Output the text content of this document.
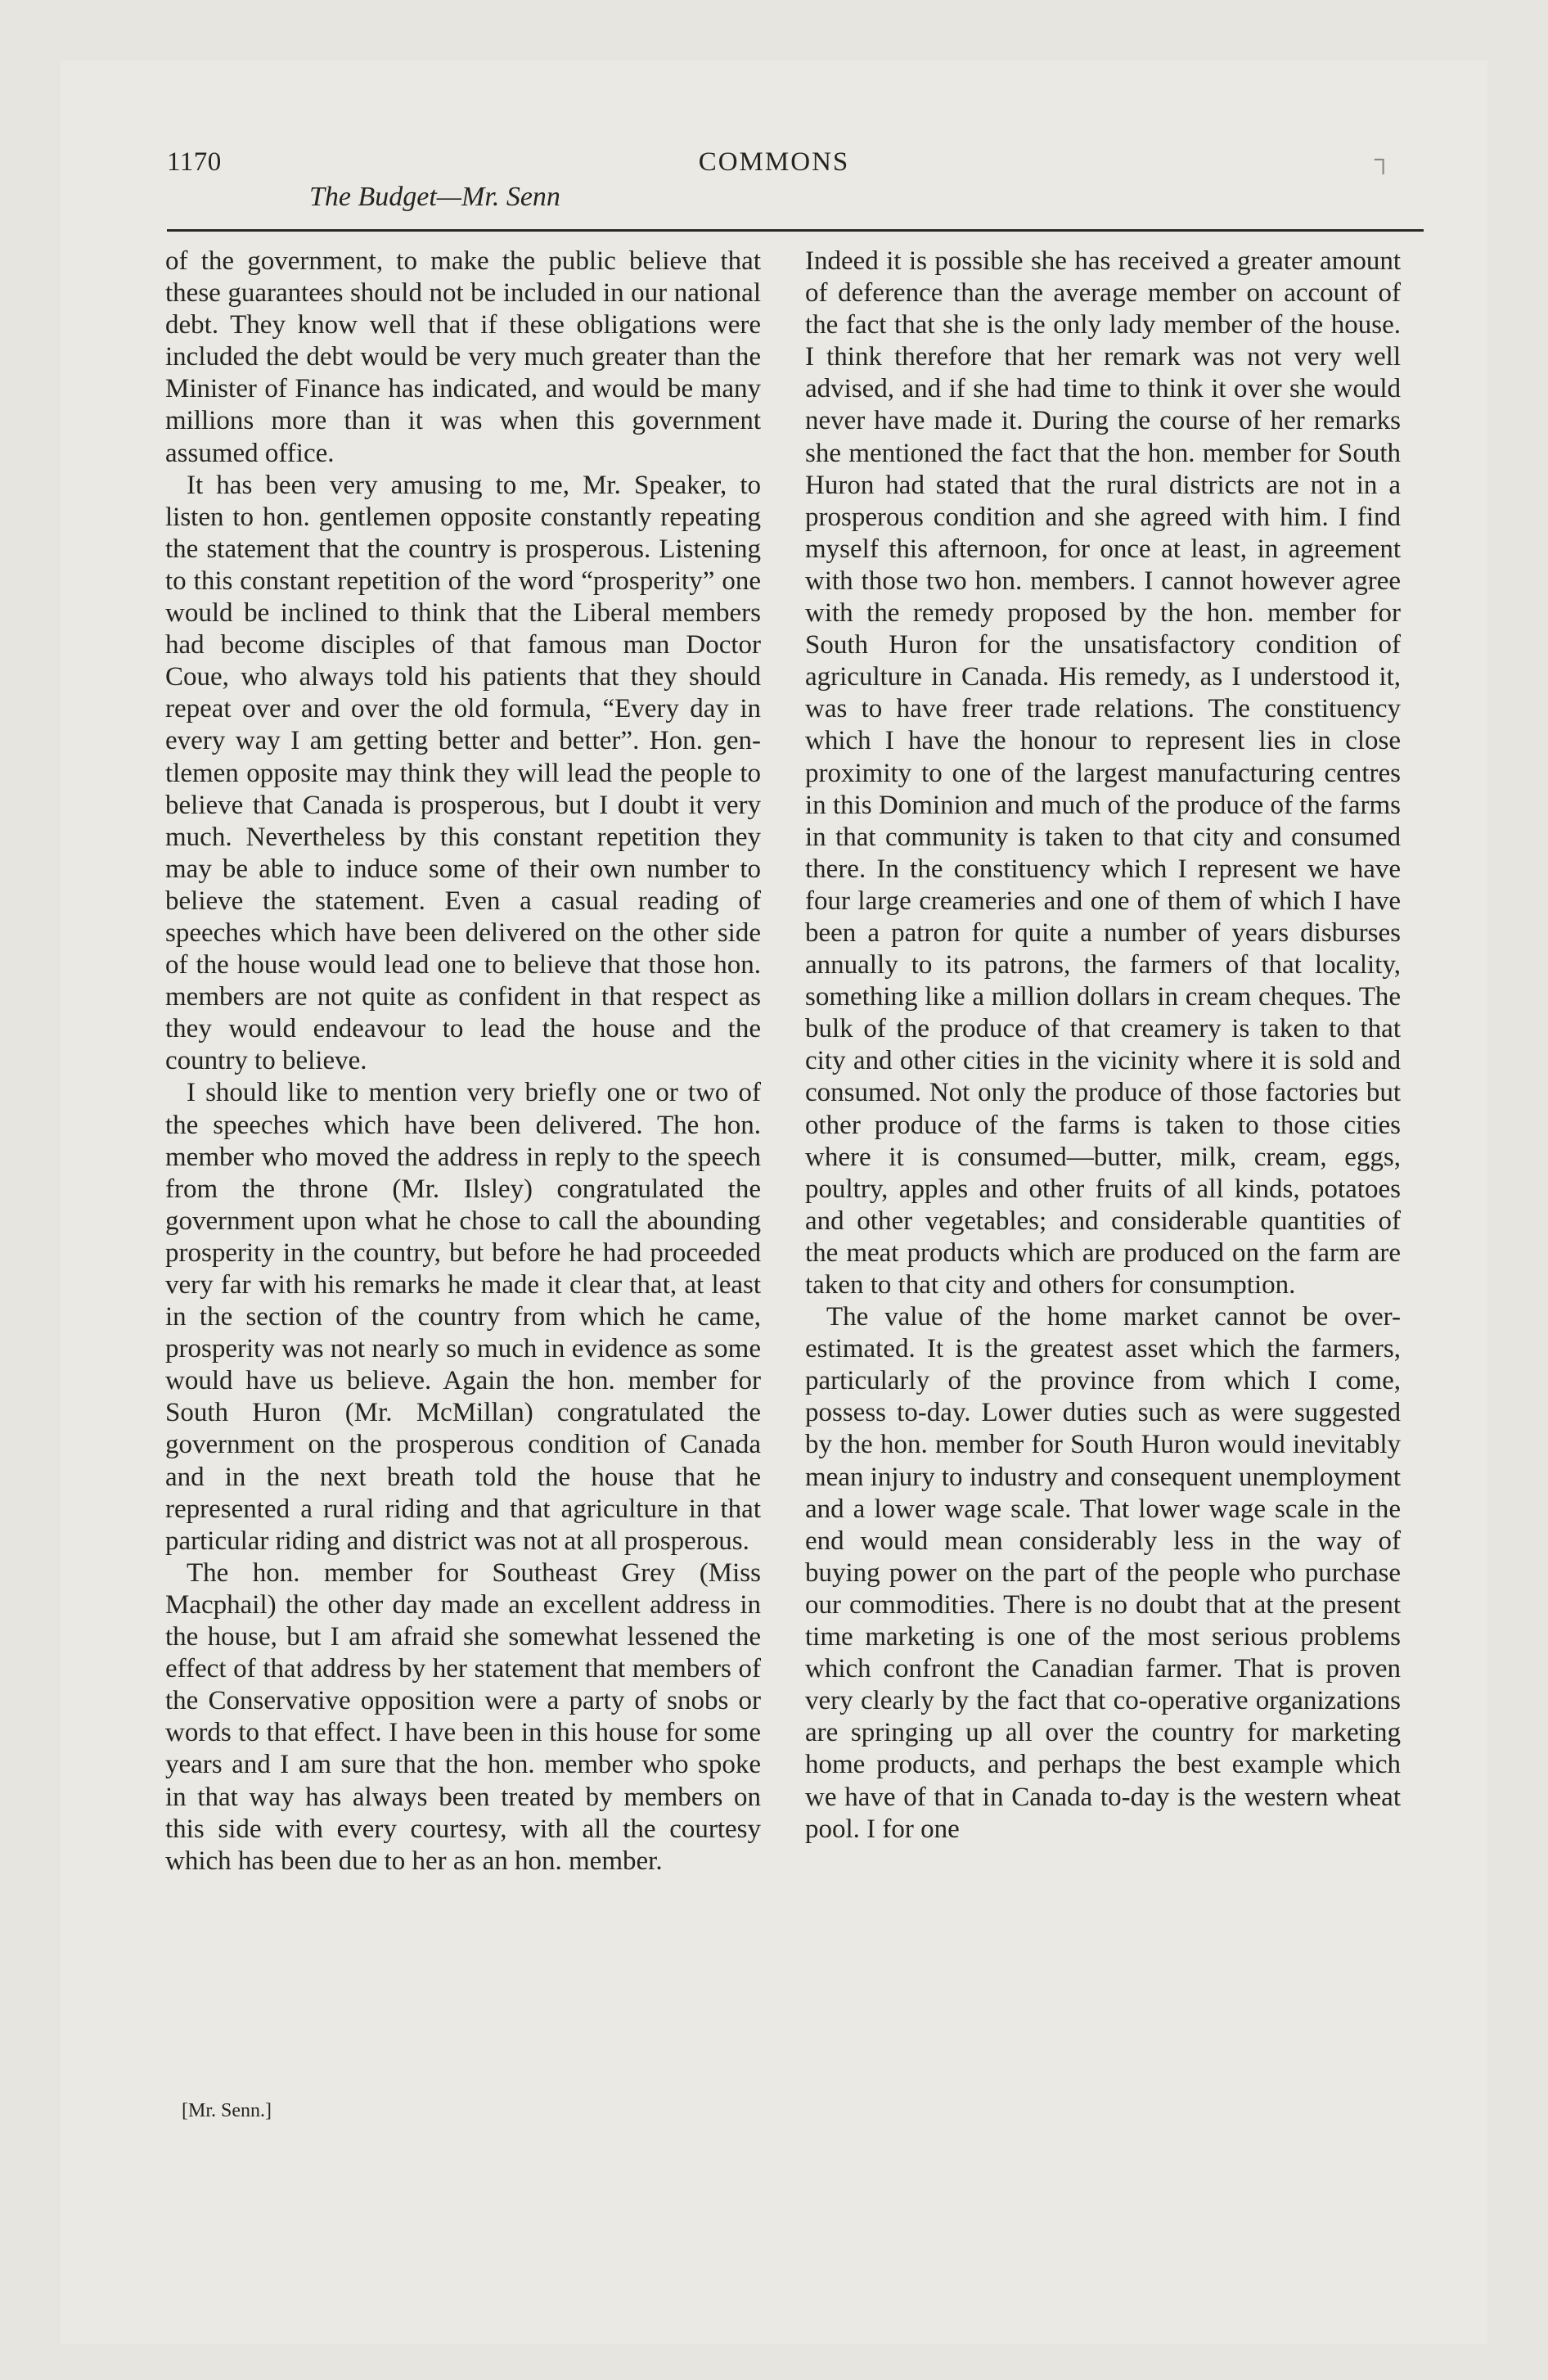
1170	COMMONS
The Budget—Mr. Senn
┐

of the government, to make the public believe that these guarantees should not be included in our national debt. They know well that if these obligations were included the debt would be very much greater than the Minister of Finance has indicated, and would be many millions more than it was when this government assumed office.

It has been very amusing to me, Mr. Speaker, to listen to hon. gentlemen opposite constantly repeating the statement that the country is prosperous. Listening to this constant repetition of the word “prosperity” one would be inclined to think that the Liberal members had become disciples of that famous man Doctor Coue, who always told his patients that they should repeat over and over the old formula, “Every day in every way I am getting better and better”. Hon. gentlemen opposite may think they will lead the people to believe that Canada is prosperous, but I doubt it very much. Nevertheless by this constant repetition they may be able to induce some of their own number to believe the statement. Even a casual reading of speeches which have been delivered on the other side of the house would lead one to believe that those hon. members are not quite as confident in that respect as they would endeavour to lead the house and the country to believe.

I should like to mention very briefly one or two of the speeches which have been delivered. The hon. member who moved the address in reply to the speech from the throne (Mr. Ilsley) congratulated the government upon what he chose to call the abounding prosperity in the country, but before he had proceeded very far with his remarks he made it clear that, at least in the section of the country from which he came, prosperity was not nearly so much in evidence as some would have us believe. Again the hon. member for South Huron (Mr. McMillan) congratulated the government on the prosperous condition of Canada and in the next breath told the house that he represented a rural riding and that agriculture in that particular riding and district was not at all prosperous.

The hon. member for Southeast Grey (Miss Macphail) the other day made an excellent address in the house, but I am afraid she somewhat lessened the effect of that address by her statement that members of the Conservative opposition were a party of snobs or words to that effect. I have been in this house for some years and I am sure that the hon. member who spoke in that way has always been treated by members on this side with every courtesy, with all the courtesy which has been due to her as an hon. member.

Indeed it is possible she has received a greater amount of deference than the average member on account of the fact that she is the only lady member of the house. I think therefore that her remark was not very well advised, and if she had time to think it over she would never have made it. During the course of her remarks she mentioned the fact that the hon. member for South Huron had stated that the rural districts are not in a prosperous condition and she agreed with him. I find myself this afternoon, for once at least, in agreement with those two hon. members. I cannot however agree with the remedy proposed by the hon. member for South Huron for the unsatisfactory condition of agriculture in Canada. His remedy, as I understood it, was to have freer trade relations. The constituency which I have the honour to represent lies in close proximity to one of the largest manufacturing centres in this Dominion and much of the produce of the farms in that community is taken to that city and consumed there. In the constituency which I represent we have four large creameries and one of them of which I have been a patron for quite a number of years disburses annually to its patrons, the farmers of that locality, something like a million dollars in cream cheques. The bulk of the produce of that creamery is taken to that city and other cities in the vicinity where it is sold and consumed. Not only the produce of those factories but other produce of the farms is taken to those cities where it is consumed—butter, milk, cream, eggs, poultry, apples and other fruits of all kinds, potatoes and other vegetables; and considerable quantities of the meat products which are produced on the farm are taken to that city and others for consumption.

The value of the home market cannot be over-estimated. It is the greatest asset which the farmers, particularly of the province from which I come, possess to-day. Lower duties such as were suggested by the hon. member for South Huron would inevitably mean injury to industry and consequent unemployment and a lower wage scale. That lower wage scale in the end would mean considerably less in the way of buying power on the part of the people who purchase our commodities. There is no doubt that at the present time marketing is one of the most serious problems which confront the Canadian farmer. That is proven very clearly by the fact that co-operative organizations are springing up all over the country for marketing home products, and perhaps the best example which we have of that in Canada to-day is the western wheat pool. I for one

[Mr. Senn.]
